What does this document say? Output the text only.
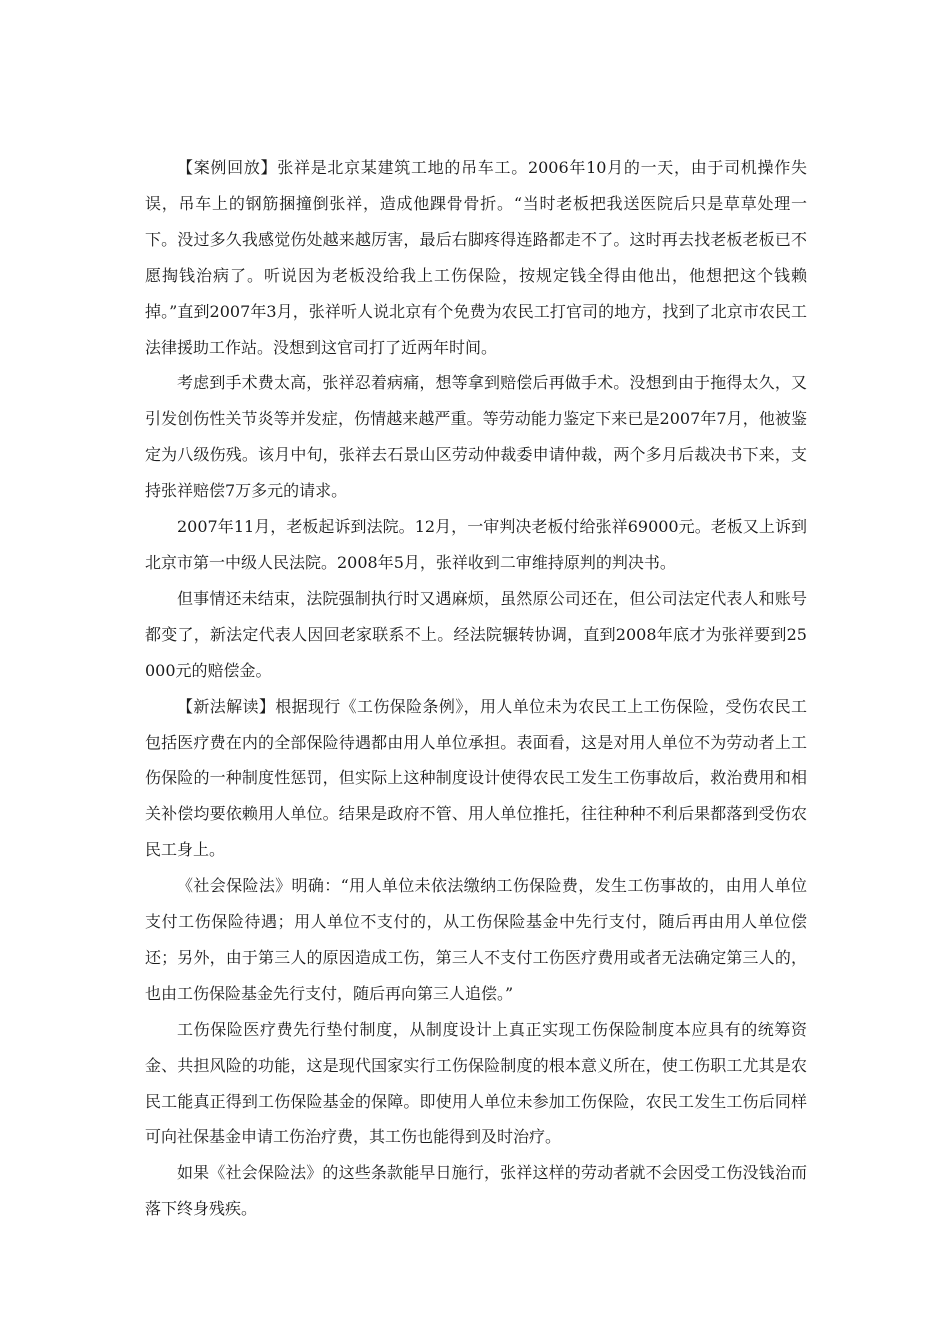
【案例回放】张祥是北京某建筑工地的吊车工。2006年10月的一天，由于司机操作失误，吊车上的钢筋捆撞倒张祥，造成他踝骨骨折。“当时老板把我送医院后只是草草处理一下。没过多久我感觉伤处越来越厉害，最后右脚疼得连路都走不了。这时再去找老板老板已不愿掏钱治病了。听说因为老板没给我上工伤保险，按规定钱全得由他出，他想把这个钱赖掉。”直到2007年3月，张祥听人说北京有个免费为农民工打官司的地方，找到了北京市农民工法律援助工作站。没想到这官司打了近两年时间。

考虑到手术费太高，张祥忍着病痛，想等拿到赔偿后再做手术。没想到由于拖得太久，又引发创伤性关节炎等并发症，伤情越来越严重。等劳动能力鉴定下来已是2007年7月，他被鉴定为八级伤残。该月中旬，张祥去石景山区劳动仲裁委申请仲裁，两个多月后裁决书下来，支持张祥赔偿7万多元的请求。

2007年11月，老板起诉到法院。12月，一审判决老板付给张祥69000元。老板又上诉到北京市第一中级人民法院。2008年5月，张祥收到二审维持原判的判决书。

但事情还未结束，法院强制执行时又遇麻烦，虽然原公司还在，但公司法定代表人和账号都变了，新法定代表人因回老家联系不上。经法院辗转协调，直到2008年底才为张祥要到25000元的赔偿金。

【新法解读】根据现行《工伤保险条例》，用人单位未为农民工上工伤保险，受伤农民工包括医疗费在内的全部保险待遇都由用人单位承担。表面看，这是对用人单位不为劳动者上工伤保险的一种制度性惩罚，但实际上这种制度设计使得农民工发生工伤事故后，救治费用和相关补偿均要依赖用人单位。结果是政府不管、用人单位推托，往往种种不利后果都落到受伤农民工身上。

《社会保险法》明确：“用人单位未依法缴纳工伤保险费，发生工伤事故的，由用人单位支付工伤保险待遇；用人单位不支付的，从工伤保险基金中先行支付，随后再由用人单位偿还；另外，由于第三人的原因造成工伤，第三人不支付工伤医疗费用或者无法确定第三人的，也由工伤保险基金先行支付，随后再向第三人追偿。”

工伤保险医疗费先行垫付制度，从制度设计上真正实现工伤保险制度本应具有的统筹资金、共担风险的功能，这是现代国家实行工伤保险制度的根本意义所在，使工伤职工尤其是农民工能真正得到工伤保险基金的保障。即使用人单位未参加工伤保险，农民工发生工伤后同样可向社保基金申请工伤治疗费，其工伤也能得到及时治疗。

如果《社会保险法》的这些条款能早日施行，张祥这样的劳动者就不会因受工伤没钱治而落下终身残疾。
